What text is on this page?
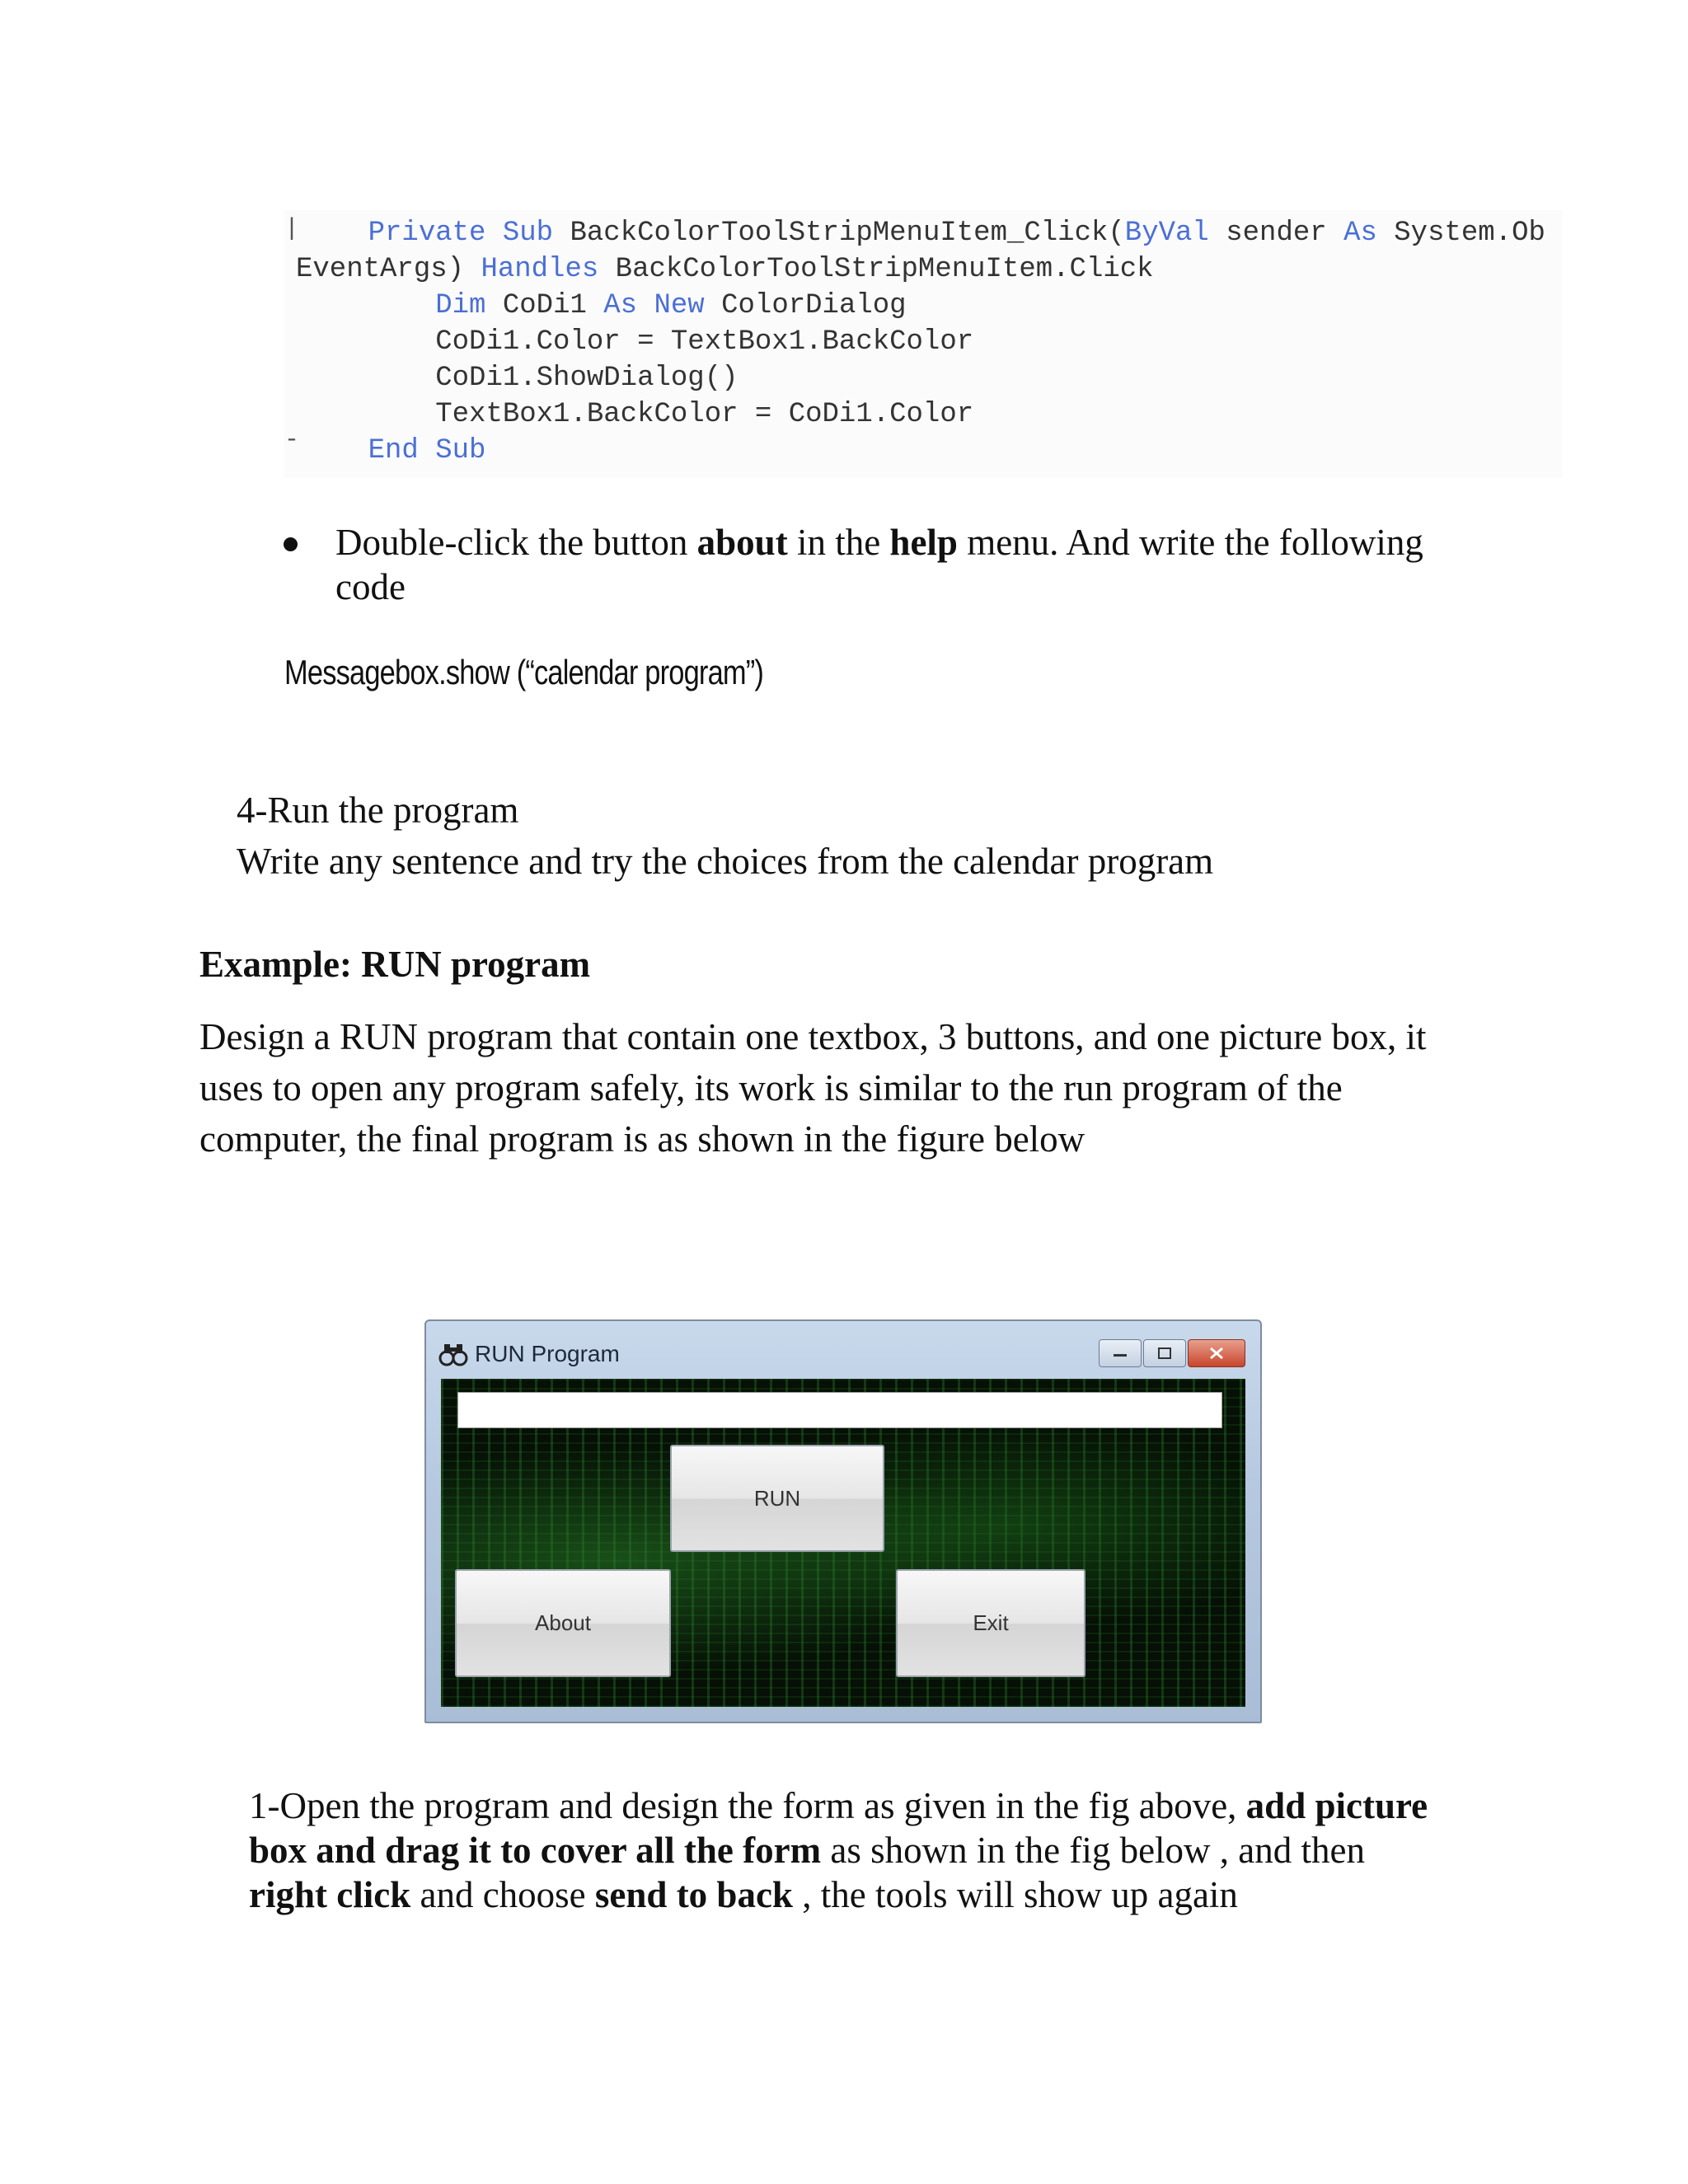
|
-
Private Sub BackColorToolStripMenuItem_Click(ByVal sender As System.Ob
EventArgs) Handles BackColorToolStripMenuItem.Click
Dim CoDi1 As New ColorDialog
CoDi1.Color = TextBox1.BackColor
CoDi1.ShowDialog()
TextBox1.BackColor = CoDi1.Color
End Sub
Double-click the button about in the help menu. And write the following
code
Messagebox.show (“calendar program”)
4-Run the program
Write any sentence and try the choices from the calendar program
Example: RUN program
Design a RUN program that contain one textbox, 3 buttons, and one picture box, it
uses to open any program safely, its work is similar to the run program of the
computer, the final program is as shown in the figure below
RUN Program
RUN
About	Exit
1-Open the program and design the form as given in the fig above, add picture
box and drag it to cover all the form as shown in the fig below , and then
right click and choose send to back , the tools will show up again
